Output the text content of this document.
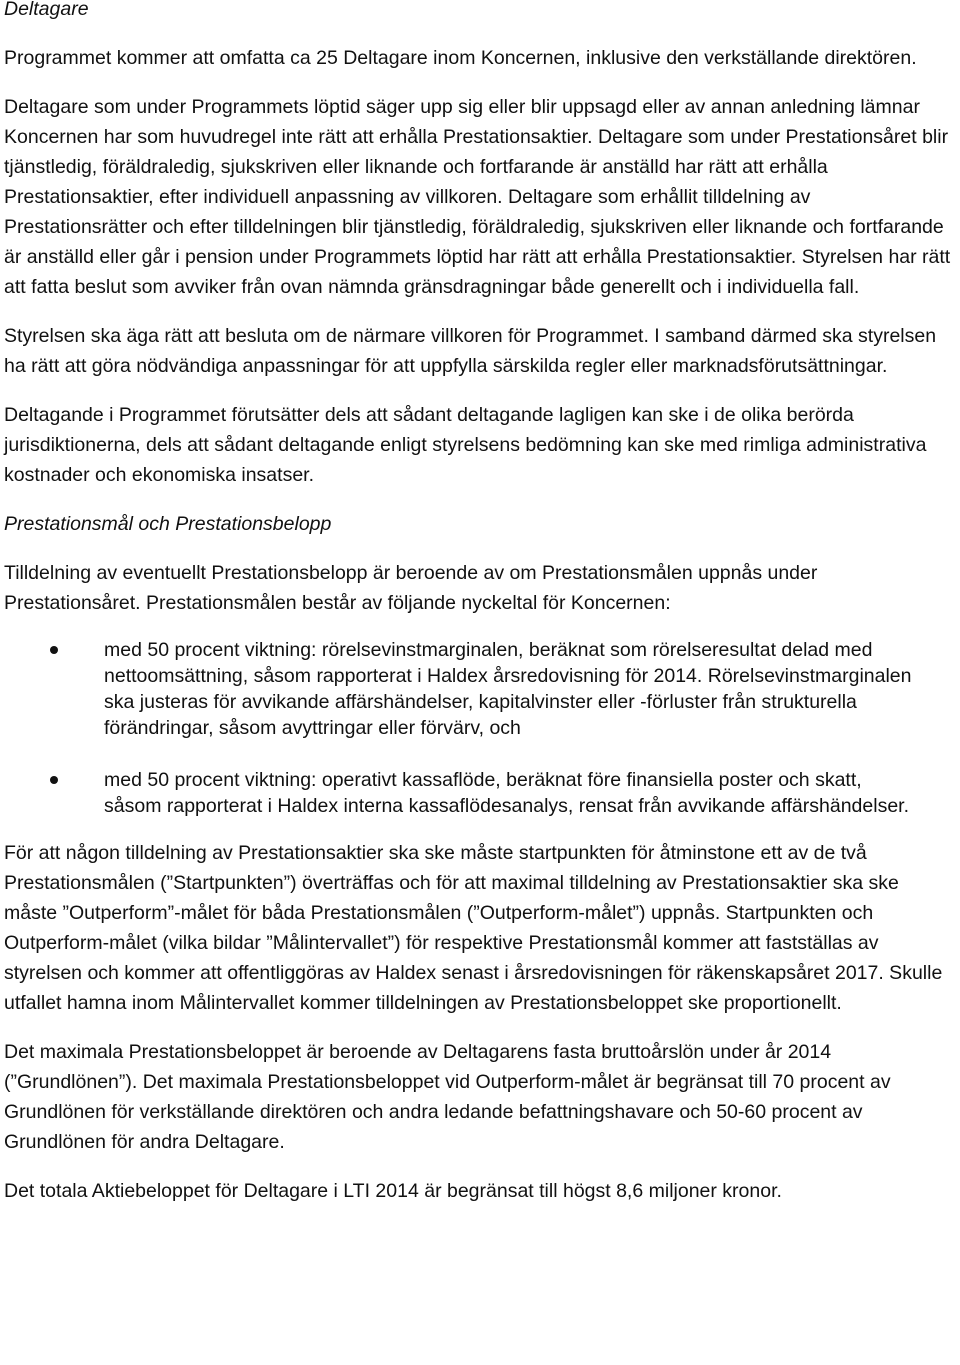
Deltagare

Programmet kommer att omfatta ca 25 Deltagare inom Koncernen, inklusive den verkställande direktören.

Deltagare som under Programmets löptid säger upp sig eller blir uppsagd eller av annan anledning lämnar Koncernen har som huvudregel inte rätt att erhålla Prestationsaktier. Deltagare som under Prestationsåret blir tjänstledig, föräldraledig, sjukskriven eller liknande och fortfarande är anställd har rätt att erhålla Prestationsaktier, efter individuell anpassning av villkoren. Deltagare som erhållit tilldelning av Prestationsrätter och efter tilldelningen blir tjänstledig, föräldraledig, sjukskriven eller liknande och fortfarande är anställd eller går i pension under Programmets löptid har rätt att erhålla Prestationsaktier. Styrelsen har rätt att fatta beslut som avviker från ovan nämnda gränsdragningar både generellt och i individuella fall.

Styrelsen ska äga rätt att besluta om de närmare villkoren för Programmet. I samband därmed ska styrelsen ha rätt att göra nödvändiga anpassningar för att uppfylla särskilda regler eller marknadsförutsättningar.

Deltagande i Programmet förutsätter dels att sådant deltagande lagligen kan ske i de olika berörda jurisdiktionerna, dels att sådant deltagande enligt styrelsens bedömning kan ske med rimliga administrativa kostnader och ekonomiska insatser.

Prestationsmål och Prestationsbelopp

Tilldelning av eventuellt Prestationsbelopp är beroende av om Prestationsmålen uppnås under Prestationsåret. Prestationsmålen består av följande nyckeltal för Koncernen:

med 50 procent viktning: rörelsevinstmarginalen, beräknat som rörelseresultat delad med nettoomsättning, såsom rapporterat i Haldex årsredovisning för 2014. Rörelsevinstmarginalen ska justeras för avvikande affärshändelser, kapitalvinster eller -förluster från strukturella förändringar, såsom avyttringar eller förvärv, och
med 50 procent viktning: operativt kassaflöde, beräknat före finansiella poster och skatt, såsom rapporterat i Haldex interna kassaflödesanalys, rensat från avvikande affärshändelser.

För att någon tilldelning av Prestationsaktier ska ske måste startpunkten för åtminstone ett av de två Prestationsmålen (”Startpunkten”) överträffas och för att maximal tilldelning av Prestationsaktier ska ske måste ”Outperform”-målet för båda Prestationsmålen (”Outperform-målet”) uppnås. Startpunkten och Outperform-målet (vilka bildar ”Målintervallet”) för respektive Prestationsmål kommer att fastställas av styrelsen och kommer att offentliggöras av Haldex senast i årsredovisningen för räkenskapsåret 2017. Skulle utfallet hamna inom Målintervallet kommer tilldelningen av Prestationsbeloppet ske proportionellt.

Det maximala Prestationsbeloppet är beroende av Deltagarens fasta bruttoårslön under år 2014 (”Grundlönen”). Det maximala Prestationsbeloppet vid Outperform-målet är begränsat till 70 procent av Grundlönen för verkställande direktören och andra ledande befattningshavare och 50-60 procent av Grundlönen för andra Deltagare.

Det totala Aktiebeloppet för Deltagare i LTI 2014 är begränsat till högst 8,6 miljoner kronor.
